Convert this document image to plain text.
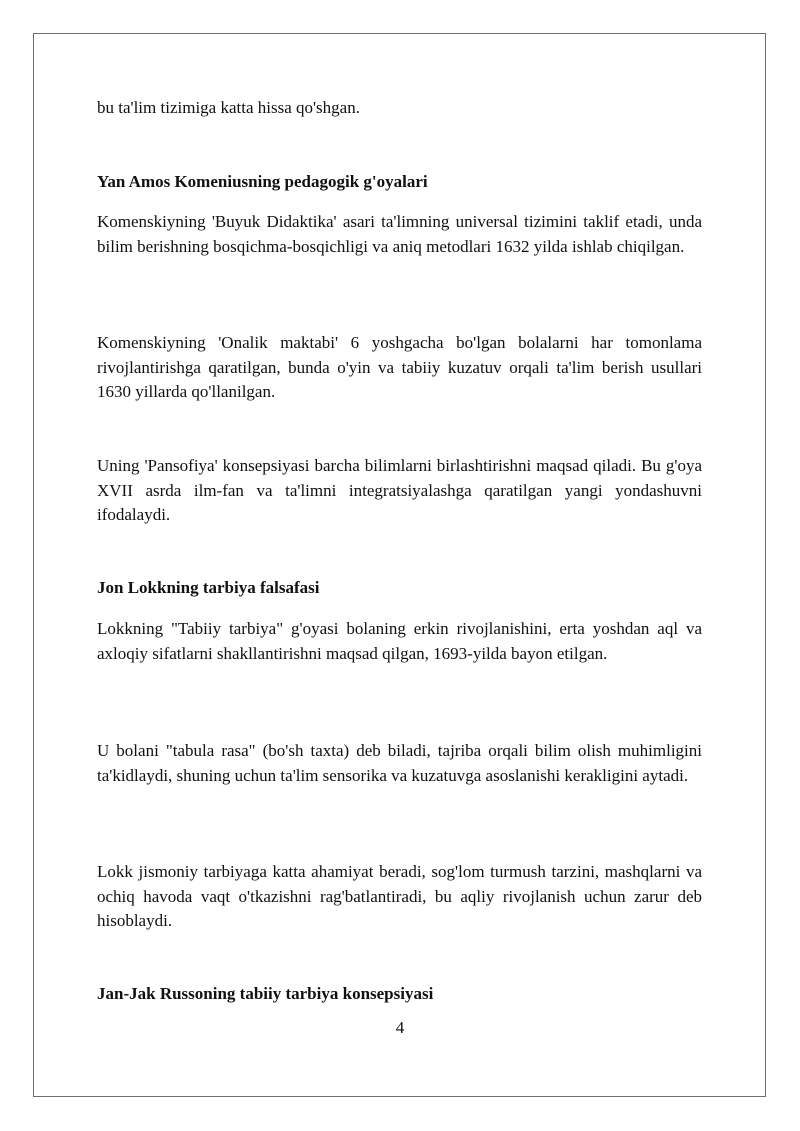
bu ta'lim tizimiga katta hissa qo'shgan.

Yan Amos Komeniusning pedagogik g'oyalari

Komenskiyning 'Buyuk Didaktika' asari ta'limning universal tizimini taklif etadi, unda bilim berishning bosqichma-bosqichligi va aniq metodlari 1632 yilda ishlab chiqilgan.

Komenskiyning 'Onalik maktabi' 6 yoshgacha bo'lgan bolalarni har tomonlama rivojlantirishga qaratilgan, bunda o'yin va tabiiy kuzatuv orqali ta'lim berish usullari 1630 yillarda qo'llanilgan.

Uning 'Pansofiya' konsepsiyasi barcha bilimlarni birlashtirishni maqsad qiladi. Bu g'oya XVII asrda ilm-fan va ta'limni integratsiyalashga qaratilgan yangi yondashuvni ifodalaydi.

Jon Lokkning tarbiya falsafasi

Lokkning "Tabiiy tarbiya" g'oyasi bolaning erkin rivojlanishini, erta yoshdan aql va axloqiy sifatlarni shakllantirishni maqsad qilgan, 1693-yilda bayon etilgan.

U bolani "tabula rasa" (bo'sh taxta) deb biladi, tajriba orqali bilim olish muhimligini ta'kidlaydi, shuning uchun ta'lim sensorika va kuzatuvga asoslanishi kerakligini aytadi.

Lokk jismoniy tarbiyaga katta ahamiyat beradi, sog'lom turmush tarzini, mashqlarni va ochiq havoda vaqt o'tkazishni rag'batlantiradi, bu aqliy rivojlanish uchun zarur deb hisoblaydi.

Jan-Jak Russoning tabiiy tarbiya konsepsiyasi

4
